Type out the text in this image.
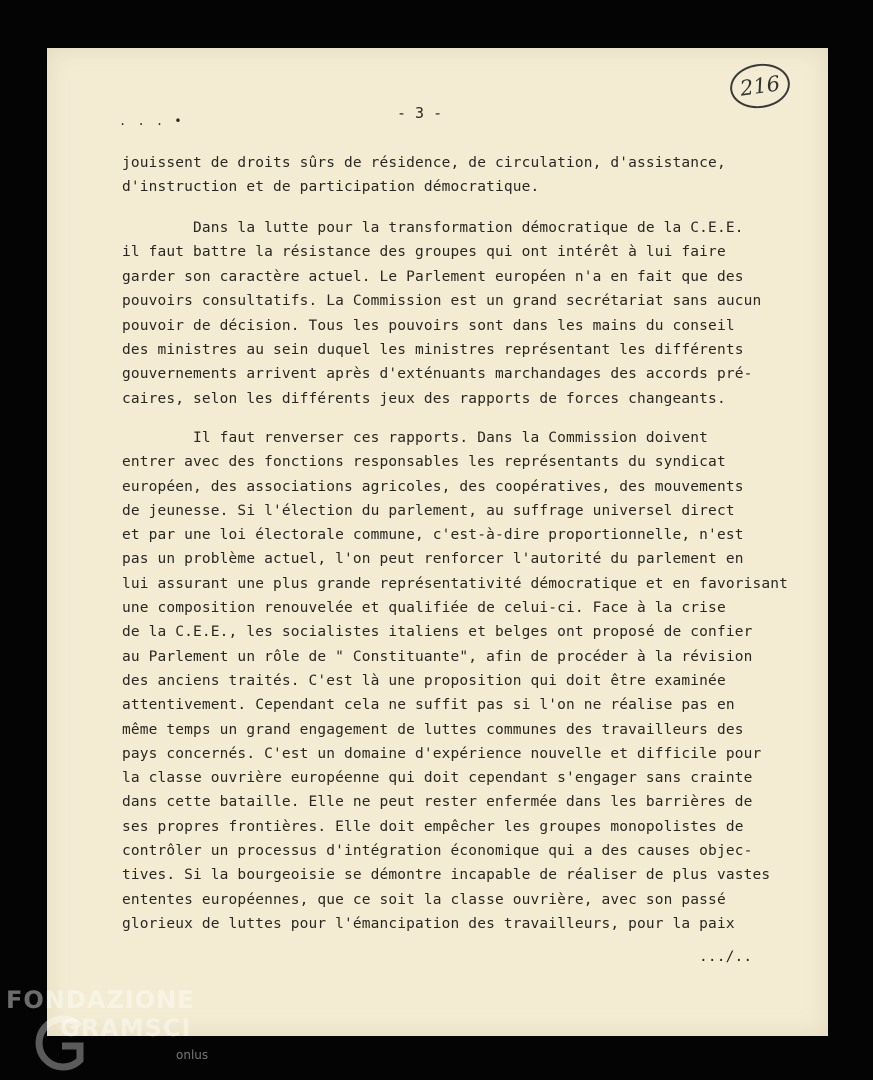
. . . •	- 3 -
216
jouissent de droits sûrs de résidence, de circulation, d'assistance,
d'instruction et de participation démocratique.
Dans la lutte pour la transformation démocratique de la C.E.E.
il faut battre la résistance des groupes qui ont intérêt à lui faire
garder son caractère actuel. Le Parlement européen n'a en fait que des
pouvoirs consultatifs. La Commission est un grand secrétariat sans aucun
pouvoir de décision. Tous les pouvoirs sont dans les mains du conseil
des ministres au sein duquel les ministres représentant les différents
gouvernements arrivent après d'exténuants marchandages des accords pré-
caires, selon les différents jeux des rapports de forces changeants.
Il faut renverser ces rapports. Dans la Commission doivent
entrer avec des fonctions responsables les représentants du syndicat
européen, des associations agricoles, des coopératives, des mouvements
de jeunesse. Si l'élection du parlement, au suffrage universel direct
et par une loi électorale commune, c'est-à-dire proportionnelle, n'est
pas un problème actuel, l'on peut renforcer l'autorité du parlement en
lui assurant une plus grande représentativité démocratique et en favorisant
une composition renouvelée et qualifiée de celui-ci. Face à la crise
de la C.E.E., les socialistes italiens et belges ont proposé de confier
au Parlement un rôle de " Constituante", afin de procéder à la révision
des anciens traités. C'est là une proposition qui doit être examinée
attentivement. Cependant cela ne suffit pas si l'on ne réalise pas en
même temps un grand engagement de luttes communes des travailleurs des
pays concernés. C'est un domaine d'expérience nouvelle et difficile pour
la classe ouvrière européenne qui doit cependant s'engager sans crainte
dans cette bataille. Elle ne peut rester enfermée dans les barrières de
ses propres frontières. Elle doit empêcher les groupes monopolistes de
contrôler un processus d'intégration économique qui a des causes objec-
tives. Si la bourgeoisie se démontre incapable de réaliser de plus vastes
ententes européennes, que ce soit la classe ouvrière, avec son passé
glorieux de luttes pour l'émancipation des travailleurs, pour la paix
.../..
FONDAZIONE
GRAMSCI
onlus
